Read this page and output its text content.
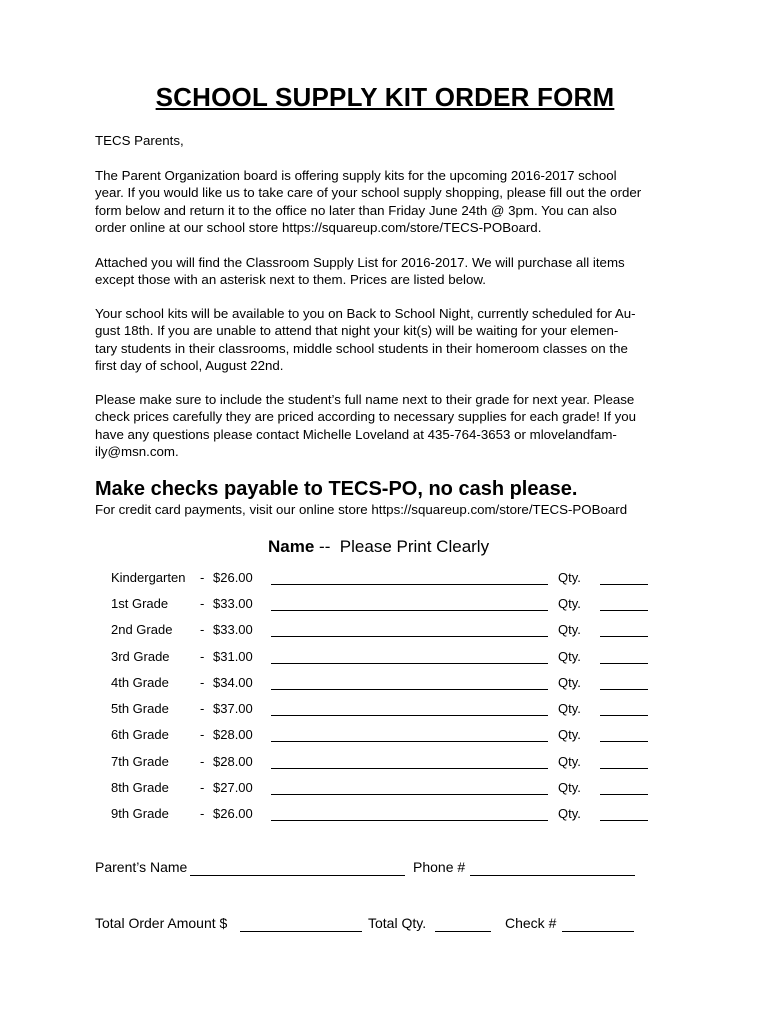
SCHOOL SUPPLY KIT ORDER FORM
TECS Parents,
The Parent Organization board is offering supply kits for the upcoming 2016-2017 school
year. If you would like us to take care of your school supply shopping, please fill out the order
form below and return it to the office no later than Friday June 24th @ 3pm. You can also
order online at our school store https://squareup.com/store/TECS-POBoard.
Attached you will find the Classroom Supply List for 2016-2017. We will purchase all items
except those with an asterisk next to them. Prices are listed below.
Your school kits will be available to you on Back to School Night, currently scheduled for Au-
gust 18th. If you are unable to attend that night your kit(s) will be waiting for your elemen-
tary students in their classrooms, middle school students in their homeroom classes on the
first day of school, August 22nd.
Please make sure to include the student’s full name next to their grade for next year. Please
check prices carefully they are priced according to necessary supplies for each grade! If you
have any questions please contact Michelle Loveland at 435-764-3653 or mlovelandfam-
ily@msn.com.
Make checks payable to TECS-PO, no cash please.
For credit card payments, visit our online store https://squareup.com/store/TECS-POBoard
Name --  Please Print Clearly
Kindergarten - $26.00	Qty.
1st Grade - $33.00	Qty.
2nd Grade - $33.00	Qty.
3rd Grade - $31.00	Qty.
4th Grade - $34.00	Qty.
5th Grade - $37.00	Qty.
6th Grade - $28.00	Qty.
7th Grade - $28.00	Qty.
8th Grade - $27.00	Qty.
9th Grade - $26.00	Qty.
Parent’s Name	Phone #
Total Order Amount $	Total Qty.	Check #
